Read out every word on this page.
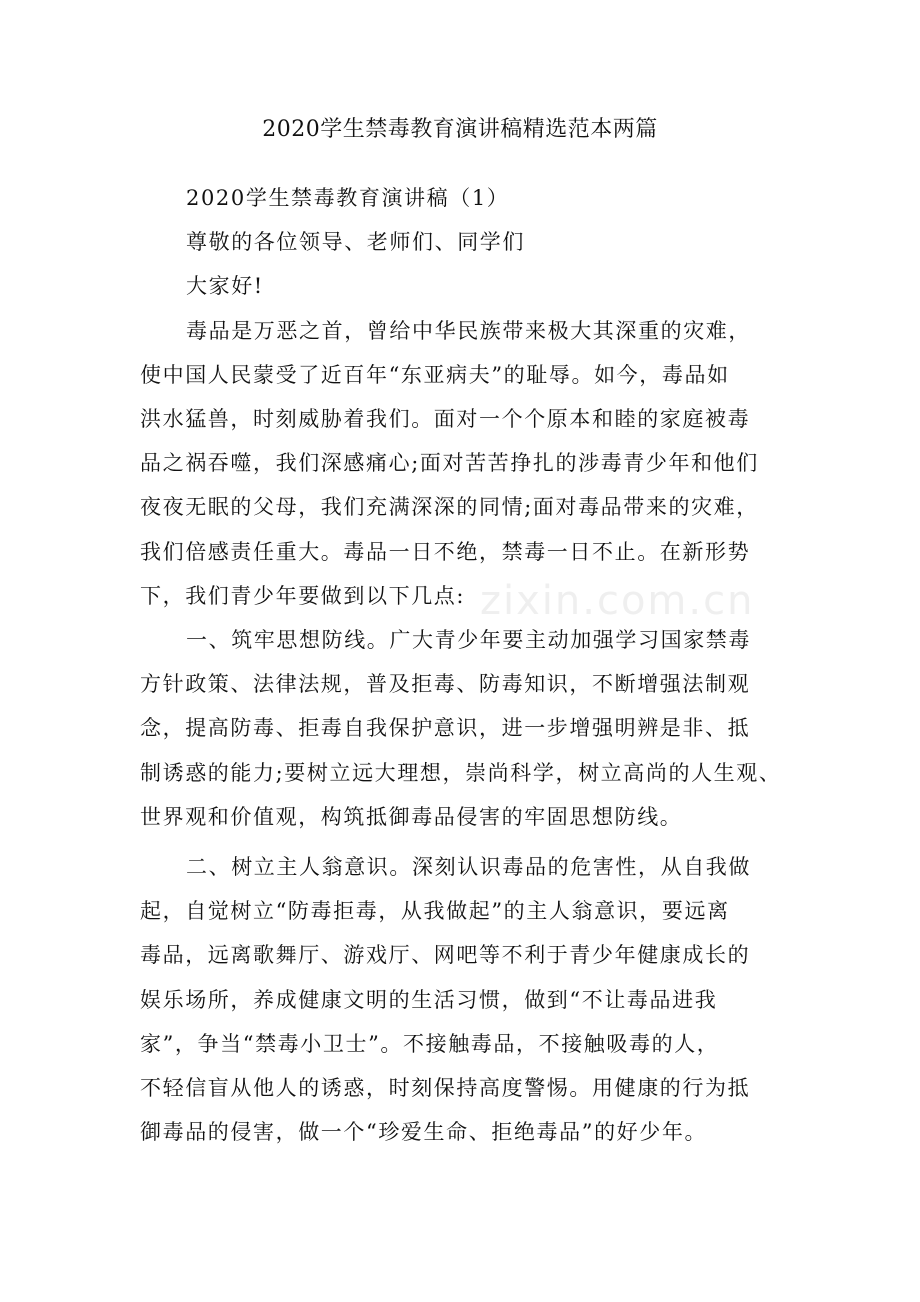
zixin.com.cn
2020学生禁毒教育演讲稿精选范本两篇
2020学生禁毒教育演讲稿（1）
尊敬的各位领导、老师们、同学们
大家好!
毒品是万恶之首，曾给中华民族带来极大其深重的灾难，
使中国人民蒙受了近百年“东亚病夫”的耻辱。如今，毒品如
洪水猛兽，时刻威胁着我们。面对一个个原本和睦的家庭被毒
品之祸吞噬，我们深感痛心;面对苦苦挣扎的涉毒青少年和他们
夜夜无眠的父母，我们充满深深的同情;面对毒品带来的灾难，
我们倍感责任重大。毒品一日不绝，禁毒一日不止。在新形势
下，我们青少年要做到以下几点:
一、筑牢思想防线。广大青少年要主动加强学习国家禁毒
方针政策、法律法规，普及拒毒、防毒知识，不断增强法制观
念，提高防毒、拒毒自我保护意识，进一步增强明辨是非、抵
制诱惑的能力;要树立远大理想，崇尚科学，树立高尚的人生观、
世界观和价值观，构筑抵御毒品侵害的牢固思想防线。
二、树立主人翁意识。深刻认识毒品的危害性，从自我做
起，自觉树立“防毒拒毒，从我做起”的主人翁意识，要远离
毒品，远离歌舞厅、游戏厅、网吧等不利于青少年健康成长的
娱乐场所，养成健康文明的生活习惯，做到“不让毒品进我
家”，争当“禁毒小卫士”。不接触毒品，不接触吸毒的人，
不轻信盲从他人的诱惑，时刻保持高度警惕。用健康的行为抵
御毒品的侵害，做一个“珍爱生命、拒绝毒品”的好少年。
